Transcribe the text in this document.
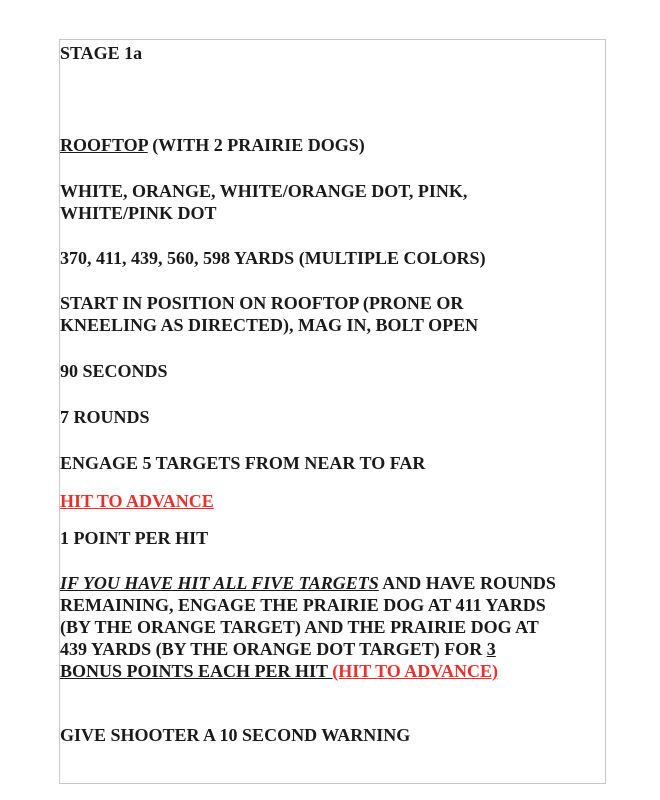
STAGE 1a

ROOFTOP (WITH 2 PRAIRIE DOGS)

WHITE, ORANGE, WHITE/ORANGE DOT, PINK,

WHITE/PINK DOT

370, 411, 439, 560, 598 YARDS (MULTIPLE COLORS)

START IN POSITION ON ROOFTOP (PRONE OR

KNEELING AS DIRECTED), MAG IN, BOLT OPEN

90 SECONDS

7 ROUNDS

ENGAGE 5 TARGETS FROM NEAR TO FAR

HIT TO ADVANCE

1 POINT PER HIT

IF YOU HAVE HIT ALL FIVE TARGETS AND HAVE ROUNDS

REMAINING, ENGAGE THE PRAIRIE DOG AT 411 YARDS

(BY THE ORANGE TARGET) AND THE PRAIRIE DOG AT

439 YARDS (BY THE ORANGE DOT TARGET) FOR 3

BONUS POINTS EACH PER HIT (HIT TO ADVANCE)

GIVE SHOOTER A 10 SECOND WARNING
